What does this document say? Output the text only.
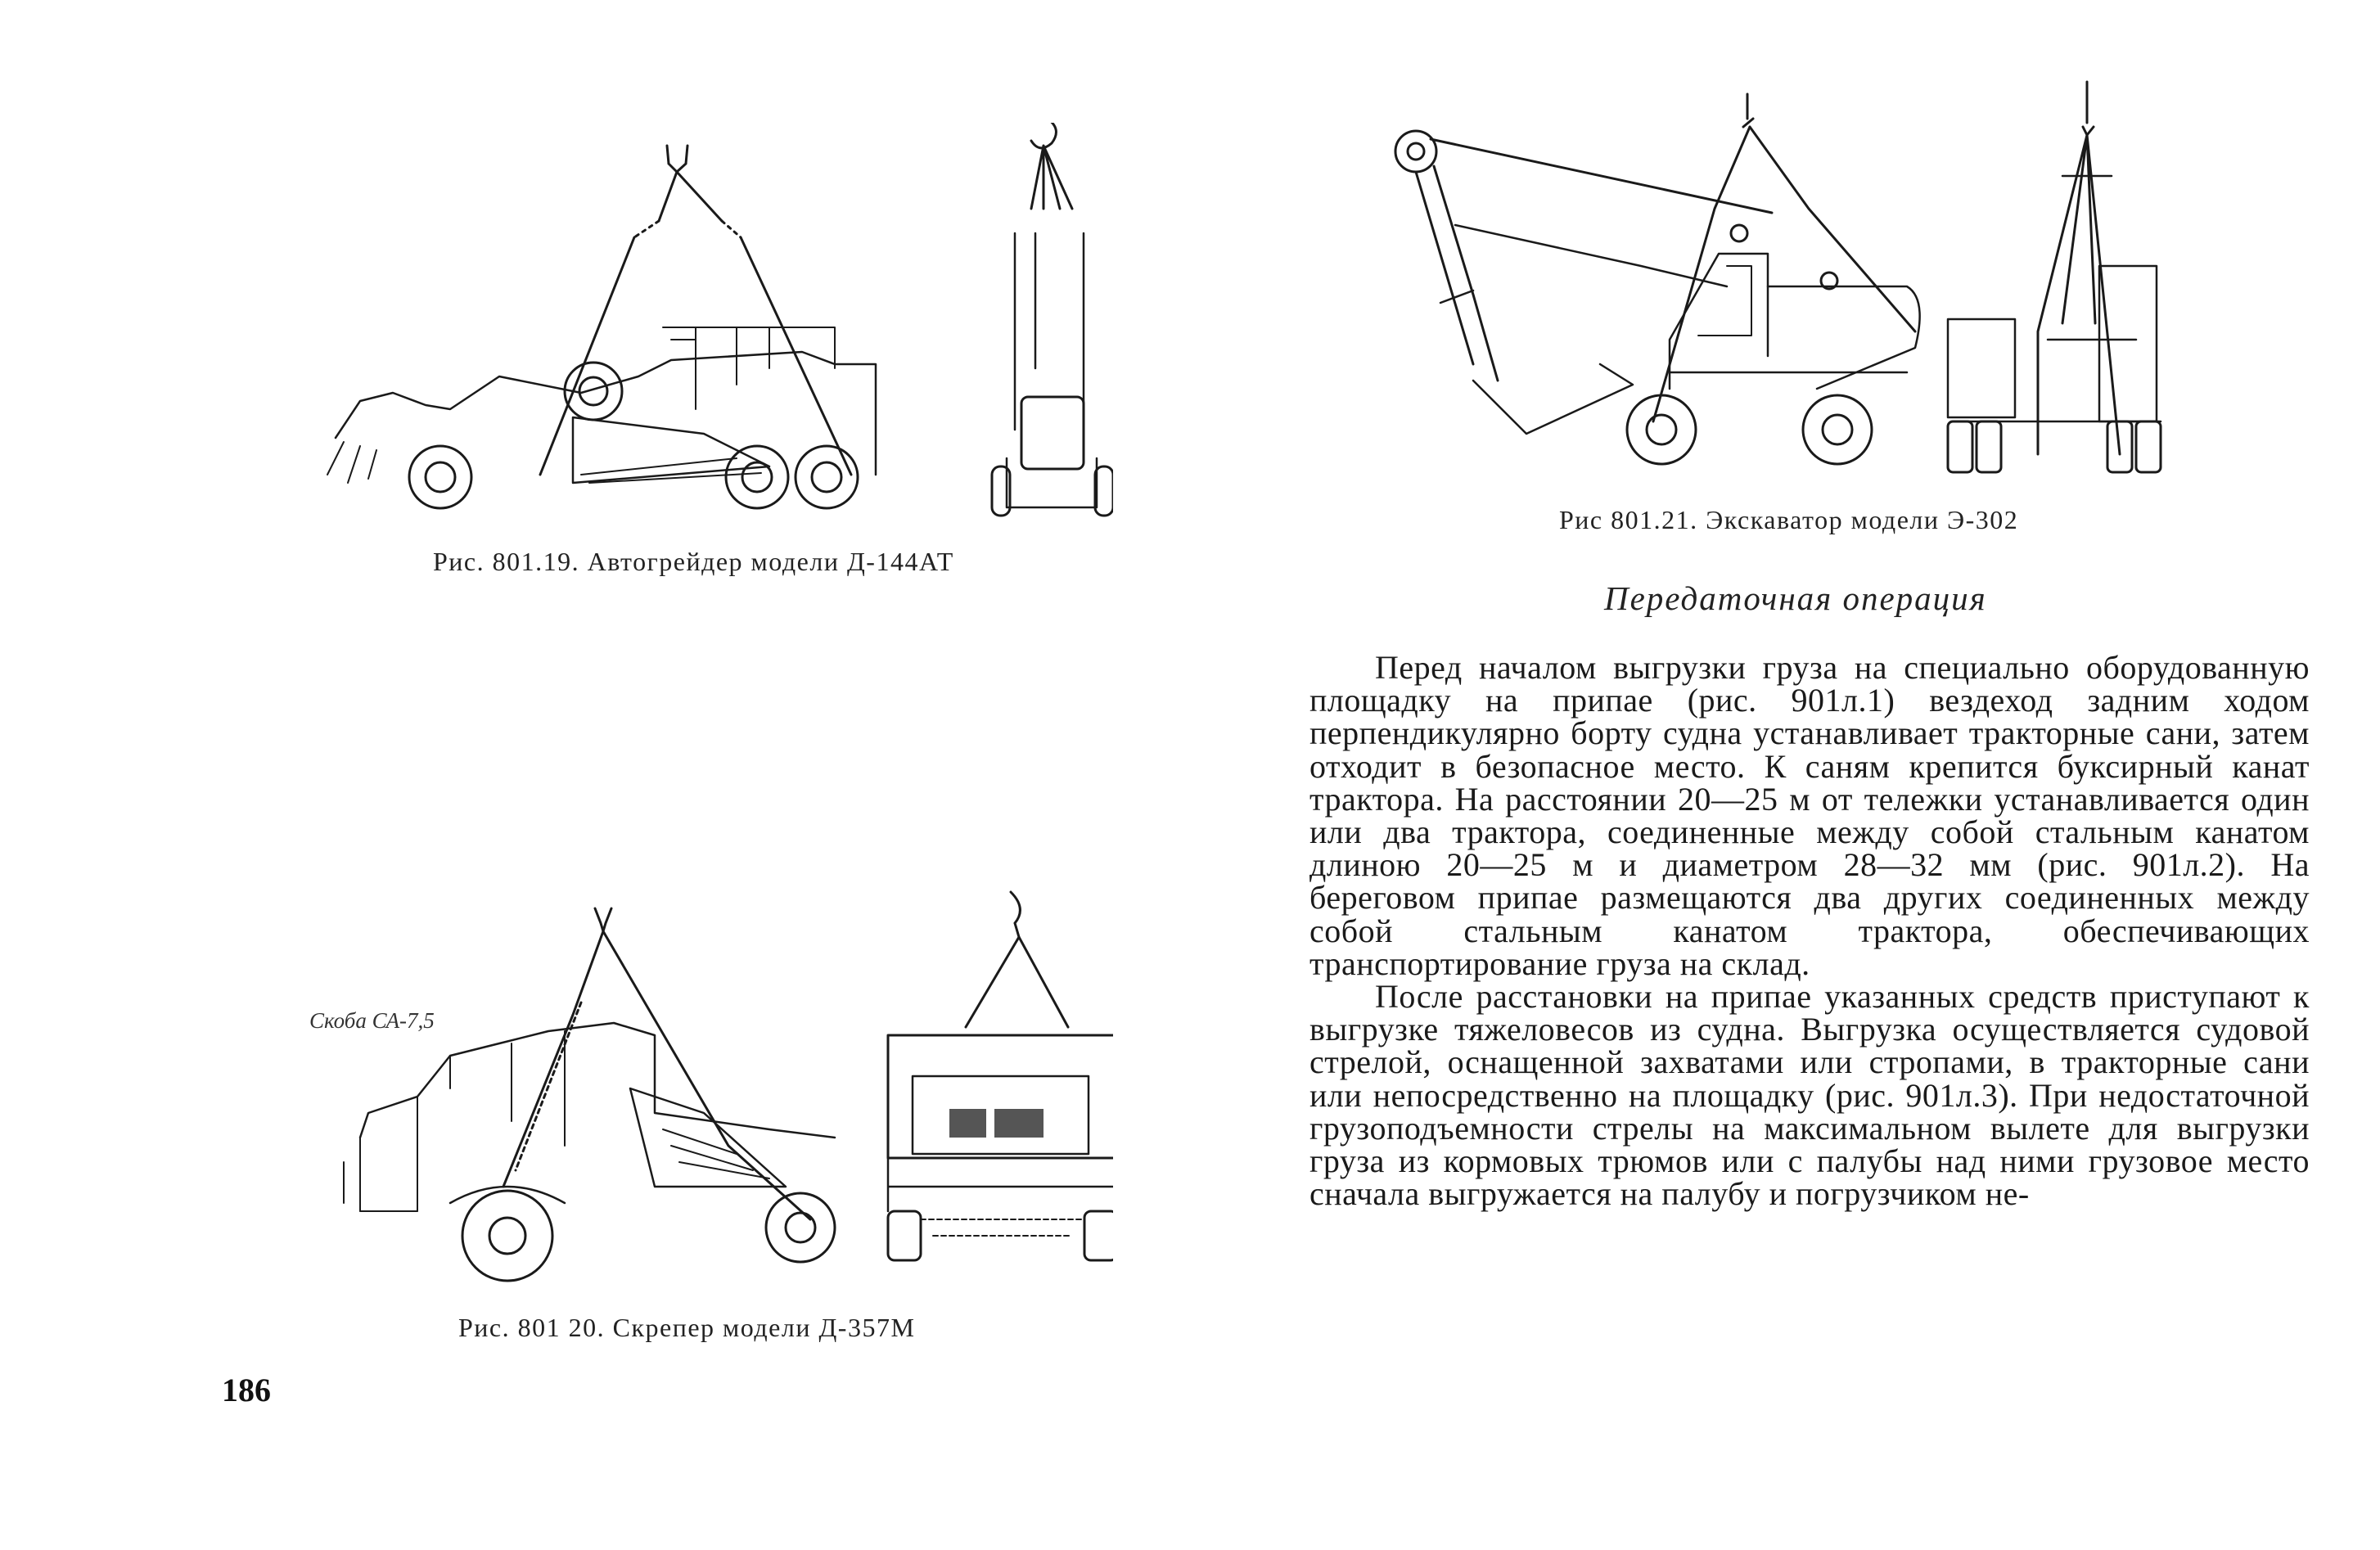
Рис. 801.19. Автогрейдер модели Д-144АТ
Скоба СА-7,5
Рис. 801 20. Скрепер модели Д-357М
Рис 801.21. Экскаватор модели Э-302
Передаточная операция

Перед началом выгрузки груза на специально оборудованную площадку на припае (рис. 901л.1) вездеход задним ходом перпендикулярно борту судна устанавливает тракторные сани, затем отходит в безопасное место. К саням крепится буксирный канат трактора. На расстоянии 20—25 м от тележки устанавливается один или два трактора, соединенные между собой стальным канатом длиною 20—25 м и диаметром 28—32 мм (рис. 901л.2). На береговом припае размещаются два других соединенных между собой стальным канатом трактора, обеспечивающих транспортирование груза на склад.

После расстановки на припае указанных средств приступают к выгрузке тяжеловесов из судна. Выгрузка осуществляется судовой стрелой, оснащенной захватами или стропами, в тракторные сани или непосредственно на площадку (рис. 901л.3). При недостаточной грузоподъемности стрелы на максимальном вылете для выгрузки груза из кормовых трюмов или с палубы над ними грузовое место сначала выгружается на палубу и погрузчиком не-

186
